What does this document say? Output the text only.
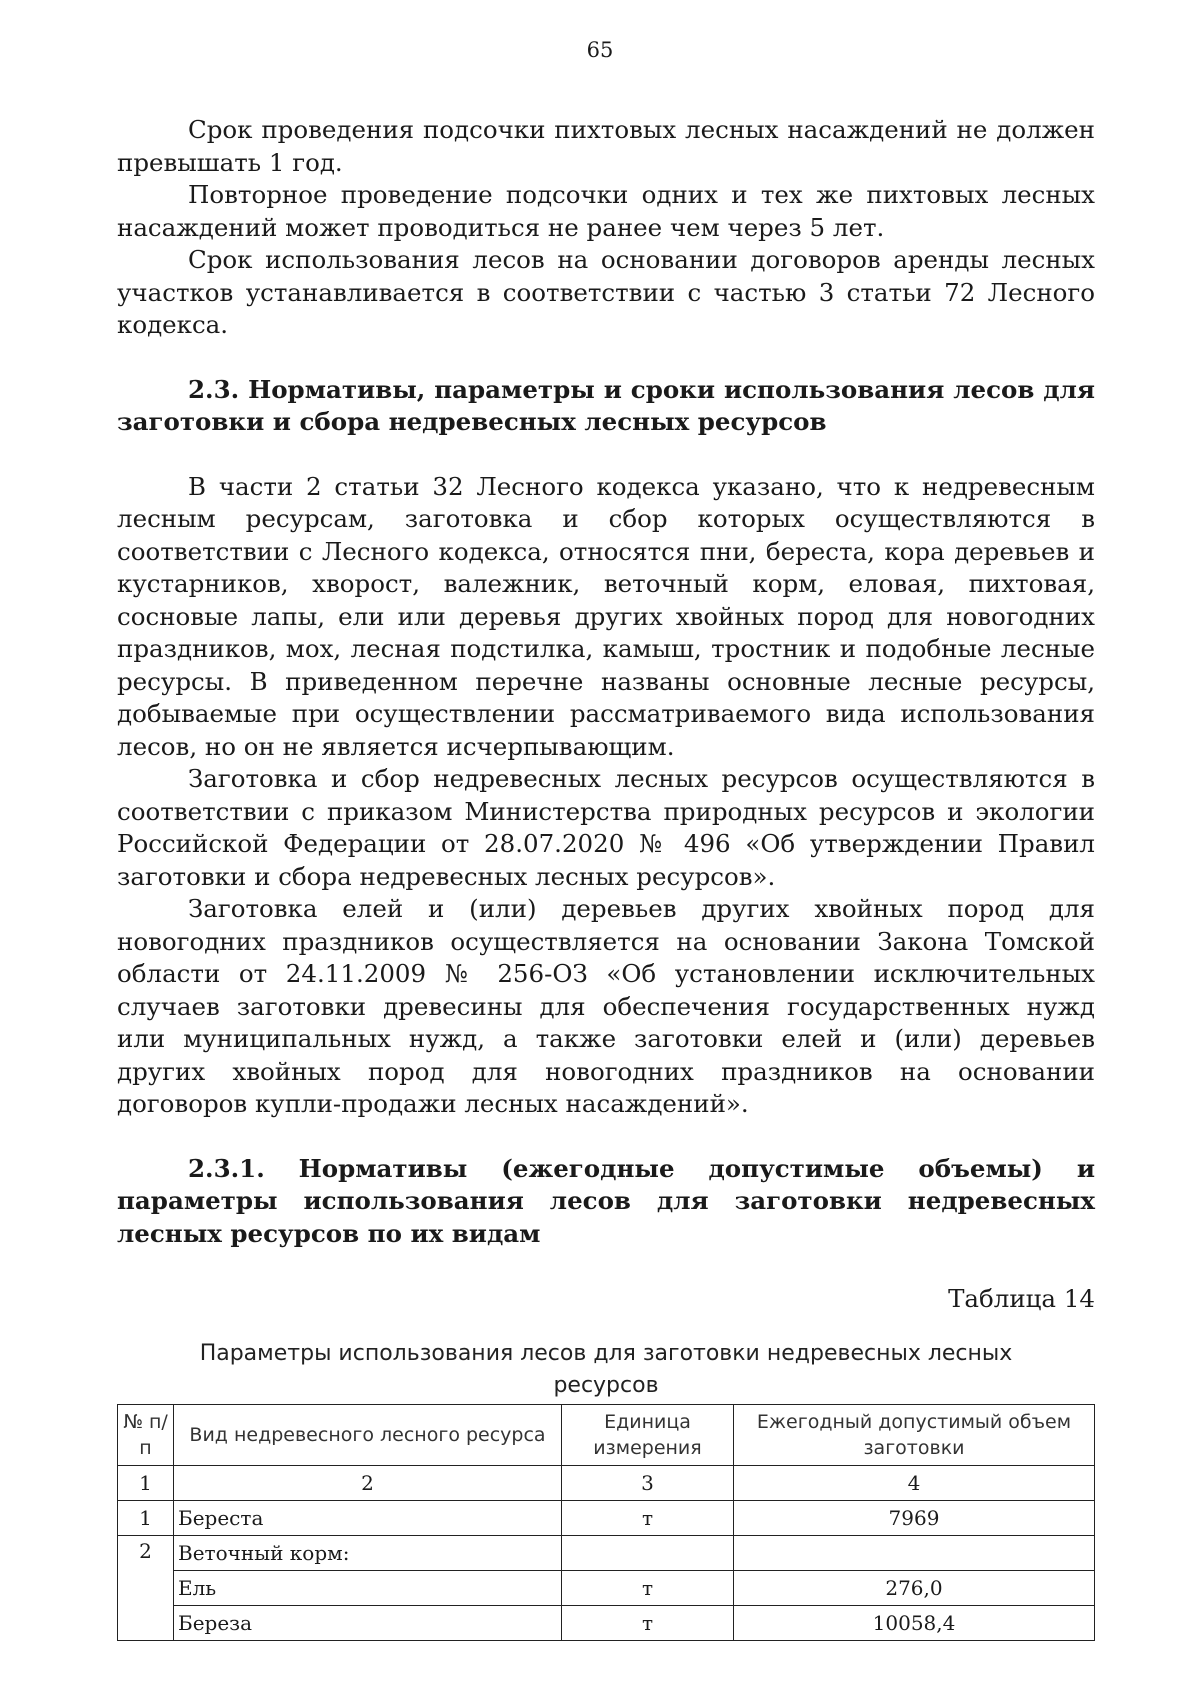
65

Срок проведения подсочки пихтовых лесных насаждений не должен превышать 1 год.

Повторное проведение подсочки одних и тех же пихтовых лесных насаждений может проводиться не ранее чем через 5 лет.

Срок использования лесов на основании договоров аренды лесных участков устанавливается в соответствии с частью 3 статьи 72 Лесного кодекса.

2.3. Нормативы, параметры и сроки использования лесов для заготовки и сбора недревесных лесных ресурсов

В части 2 статьи 32 Лесного кодекса указано, что к недревесным лесным ресурсам, заготовка и сбор которых осуществляются в соответствии с Лесного кодекса, относятся пни, береста, кора деревьев и кустарников, хворост, валежник, веточный корм, еловая, пихтовая, сосновые лапы, ели или деревья других хвойных пород для новогодних праздников, мох, лесная подстилка, камыш, тростник и подобные лесные ресурсы. В приведенном перечне названы основные лесные ресурсы, добываемые при осуществлении рассматриваемого вида использования лесов, но он не является исчерпывающим.

Заготовка и сбор недревесных лесных ресурсов осуществляются в соответствии с приказом Министерства природных ресурсов и экологии Российской Федерации от 28.07.2020 № 496 «Об утверждении Правил заготовки и сбора недревесных лесных ресурсов».

Заготовка елей и (или) деревьев других хвойных пород для новогодних праздников осуществляется на основании Закона Томской области от 24.11.2009 № 256-ОЗ «Об установлении исключительных случаев заготовки древесины для обеспечения государственных нужд или муниципальных нужд, а также заготовки елей и (или) деревьев других хвойных пород для новогодних праздников на основании договоров купли-продажи лесных насаждений».

2.3.1. Нормативы (ежегодные допустимые объемы) и параметры использования лесов для заготовки недревесных лесных ресурсов по их видам
Таблица 14
Параметры использования лесов для заготовки недревесных лесных ресурсов
№ п/п	Вид недревесного лесного ресурса	Единица измерения	Ежегодный допустимый объем заготовки
1	2	3	4
1	Береста	т	7969
2	Веточный корм:		
	Ель	т	276,0
	Береза	т	10058,4
